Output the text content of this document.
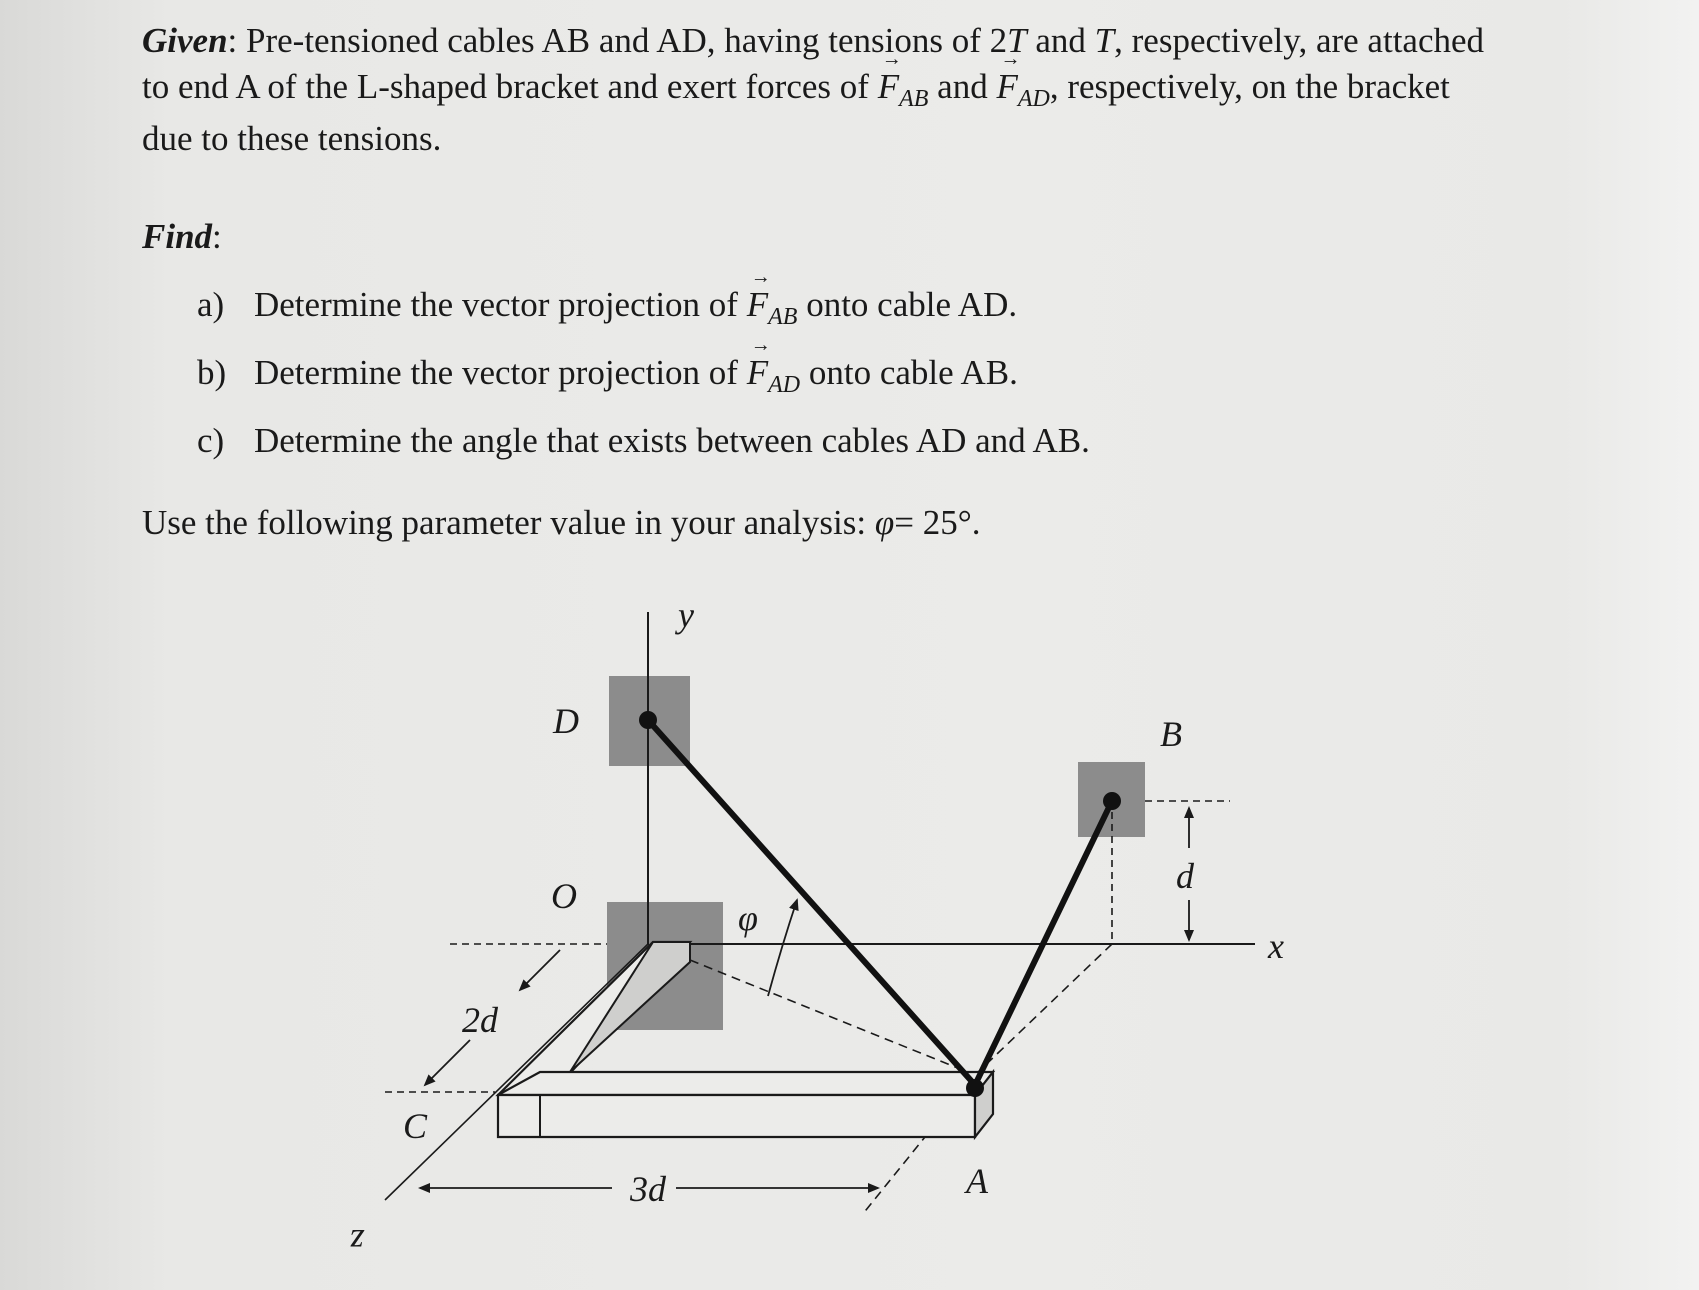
Given: Pre-tensioned cables AB and AD, having tensions of 2T and T, respectively, are attached to end A of the L-shaped bracket and exert forces of → $F_{AB}$ and → $F_{AD}$, respectively, on the bracket due to these tensions.

Find:

a) Determine the vector projection of → $F_{AB}$ onto cable AD.
b) Determine the vector projection of → $F_{AD}$ onto cable AB.
c) Determine the angle that exists between cables AD and AB.

Use the following parameter value in your analysis: φ= 25°.

y
x
z
D	B
O
C
A
φ
d
2d
3d
